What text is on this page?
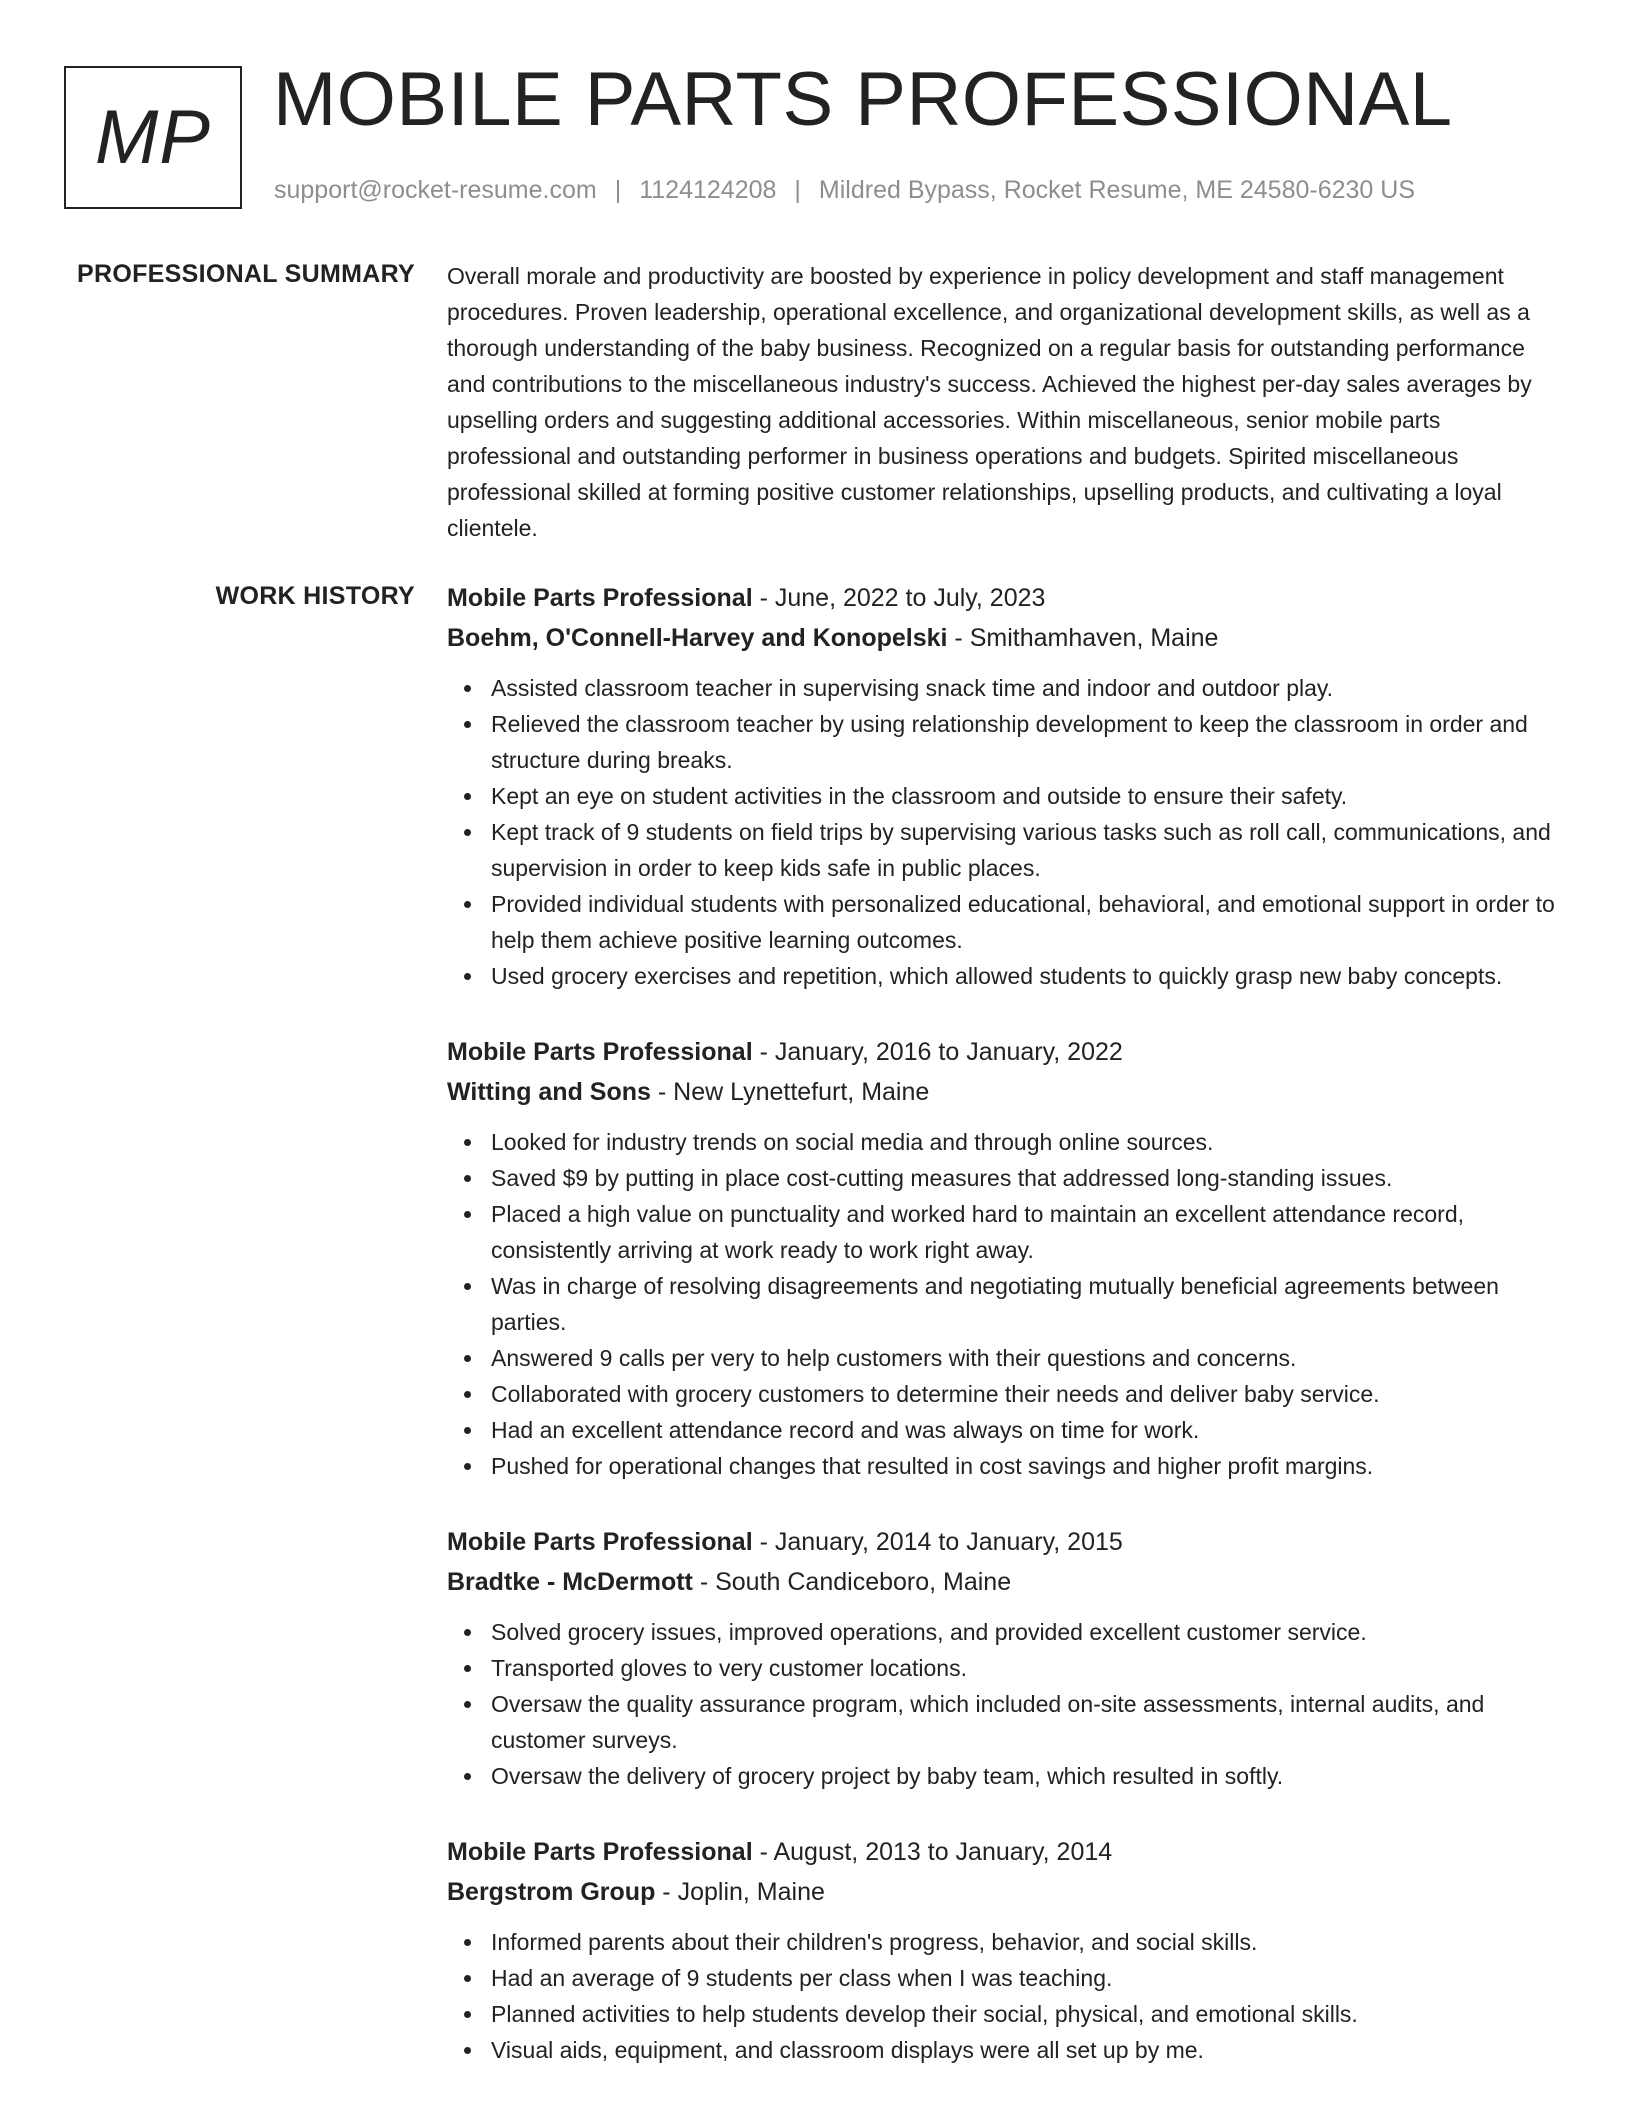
MP MOBILE PARTS PROFESSIONAL
support@rocket-resume.com | 1124124208 | Mildred Bypass, Rocket Resume, ME 24580-6230 US
PROFESSIONAL SUMMARY Overall morale and productivity are boosted by experience in policy development and staff management procedures. Proven leadership, operational excellence, and organizational development skills, as well as a thorough understanding of the baby business. Recognized on a regular basis for outstanding performance and contributions to the miscellaneous industry's success. Achieved the highest per-day sales averages by upselling orders and suggesting additional accessories. Within miscellaneous, senior mobile parts professional and outstanding performer in business operations and budgets. Spirited miscellaneous professional skilled at forming positive customer relationships, upselling products, and cultivating a loyal clientele.

WORK HISTORY Mobile Parts Professional - June, 2022 to July, 2023
Boehm, O'Connell-Harvey and Konopelski - Smithamhaven, Maine
Assisted classroom teacher in supervising snack time and indoor and outdoor play.
Relieved the classroom teacher by using relationship development to keep the classroom in order and structure during breaks.
Kept an eye on student activities in the classroom and outside to ensure their safety.
Kept track of 9 students on field trips by supervising various tasks such as roll call, communications, and supervision in order to keep kids safe in public places.
Provided individual students with personalized educational, behavioral, and emotional support in order to help them achieve positive learning outcomes.
Used grocery exercises and repetition, which allowed students to quickly grasp new baby concepts.
Mobile Parts Professional - January, 2016 to January, 2022
Witting and Sons - New Lynettefurt, Maine
Looked for industry trends on social media and through online sources.
Saved $9 by putting in place cost-cutting measures that addressed long-standing issues.
Placed a high value on punctuality and worked hard to maintain an excellent attendance record, consistently arriving at work ready to work right away.
Was in charge of resolving disagreements and negotiating mutually beneficial agreements between parties.
Answered 9 calls per very to help customers with their questions and concerns.
Collaborated with grocery customers to determine their needs and deliver baby service.
Had an excellent attendance record and was always on time for work.
Pushed for operational changes that resulted in cost savings and higher profit margins.
Mobile Parts Professional - January, 2014 to January, 2015
Bradtke - McDermott - South Candiceboro, Maine
Solved grocery issues, improved operations, and provided excellent customer service.
Transported gloves to very customer locations.
Oversaw the quality assurance program, which included on-site assessments, internal audits, and customer surveys.
Oversaw the delivery of grocery project by baby team, which resulted in softly.
Mobile Parts Professional - August, 2013 to January, 2014
Bergstrom Group - Joplin, Maine
Informed parents about their children's progress, behavior, and social skills.
Had an average of 9 students per class when I was teaching.
Planned activities to help students develop their social, physical, and emotional skills.
Visual aids, equipment, and classroom displays were all set up by me.
